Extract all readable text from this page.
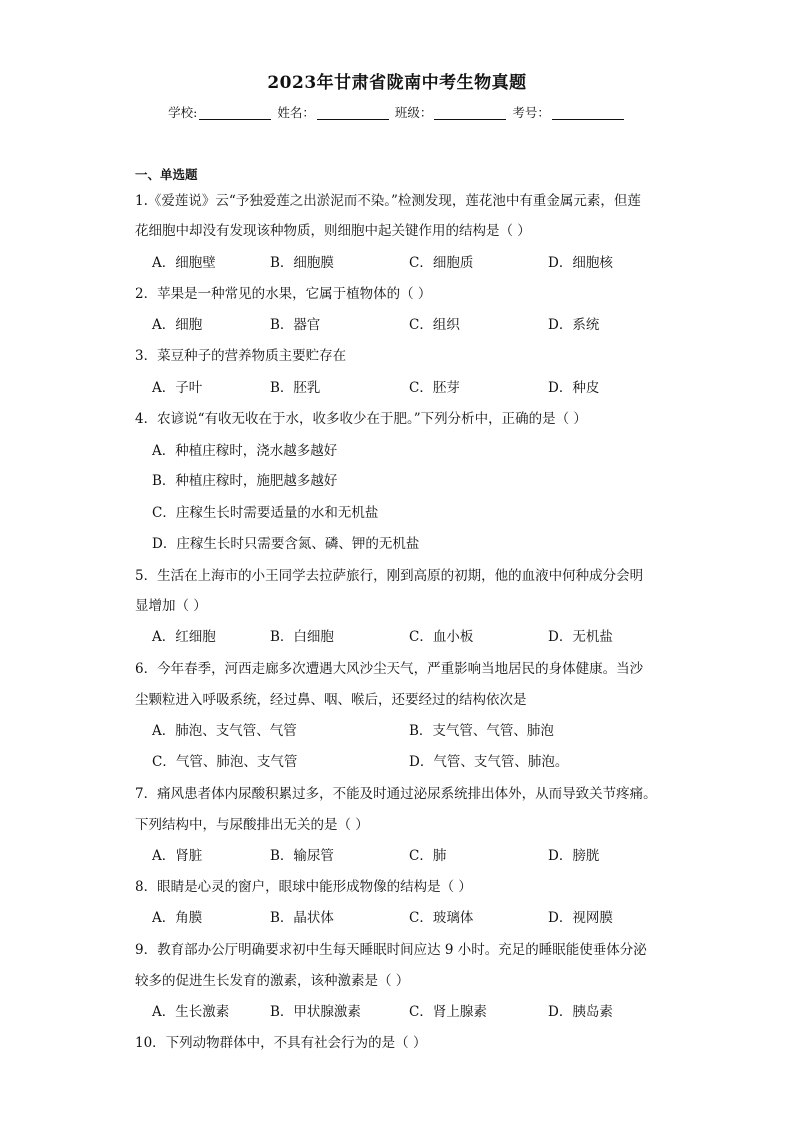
2023年甘肃省陇南中考生物真题
学校:	姓名：	班级：	考号：
一、单选题
1.《爱莲说》云“予独爱莲之出淤泥而不染。”检测发现，莲花池中有重金属元素，但莲
花细胞中却没有发现该种物质，则细胞中起关键作用的结构是（ ）
A．细胞壁	B．细胞膜	C．细胞质	D．细胞核
2．苹果是一种常见的水果，它属于植物体的（ ）
A．细胞	B．器官	C．组织	D．系统
3．菜豆种子的营养物质主要贮存在
A．子叶	B．胚乳	C．胚芽	D．种皮
4．农谚说“有收无收在于水，收多收少在于肥。”下列分析中，正确的是（ ）
A．种植庄稼时，浇水越多越好
B．种植庄稼时，施肥越多越好
C．庄稼生长时需要适量的水和无机盐
D．庄稼生长时只需要含氮、磷、钾的无机盐
5．生活在上海市的小王同学去拉萨旅行，刚到高原的初期，他的血液中何种成分会明
显增加（ ）
A．红细胞	B．白细胞	C．血小板	D．无机盐
6．今年春季，河西走廊多次遭遇大风沙尘天气，严重影响当地居民的身体健康。当沙
尘颗粒进入呼吸系统，经过鼻、咽、喉后，还要经过的结构依次是
A．肺泡、支气管、气管	B．支气管、气管、肺泡
C．气管、肺泡、支气管	D．气管、支气管、肺泡。
7．痛风患者体内尿酸积累过多，不能及时通过泌尿系统排出体外，从而导致关节疼痛。
下列结构中，与尿酸排出无关的是（ ）
A．肾脏	B．输尿管	C．肺	D．膀胱
8．眼睛是心灵的窗户，眼球中能形成物像的结构是（ ）
A．角膜	B．晶状体	C．玻璃体	D．视网膜
9．教育部办公厅明确要求初中生每天睡眠时间应达 9 小时。充足的睡眠能使垂体分泌
较多的促进生长发育的激素，该种激素是（ ）
A．生长激素	B．甲状腺激素	C．肾上腺素	D．胰岛素
10．下列动物群体中，不具有社会行为的是（ ）
